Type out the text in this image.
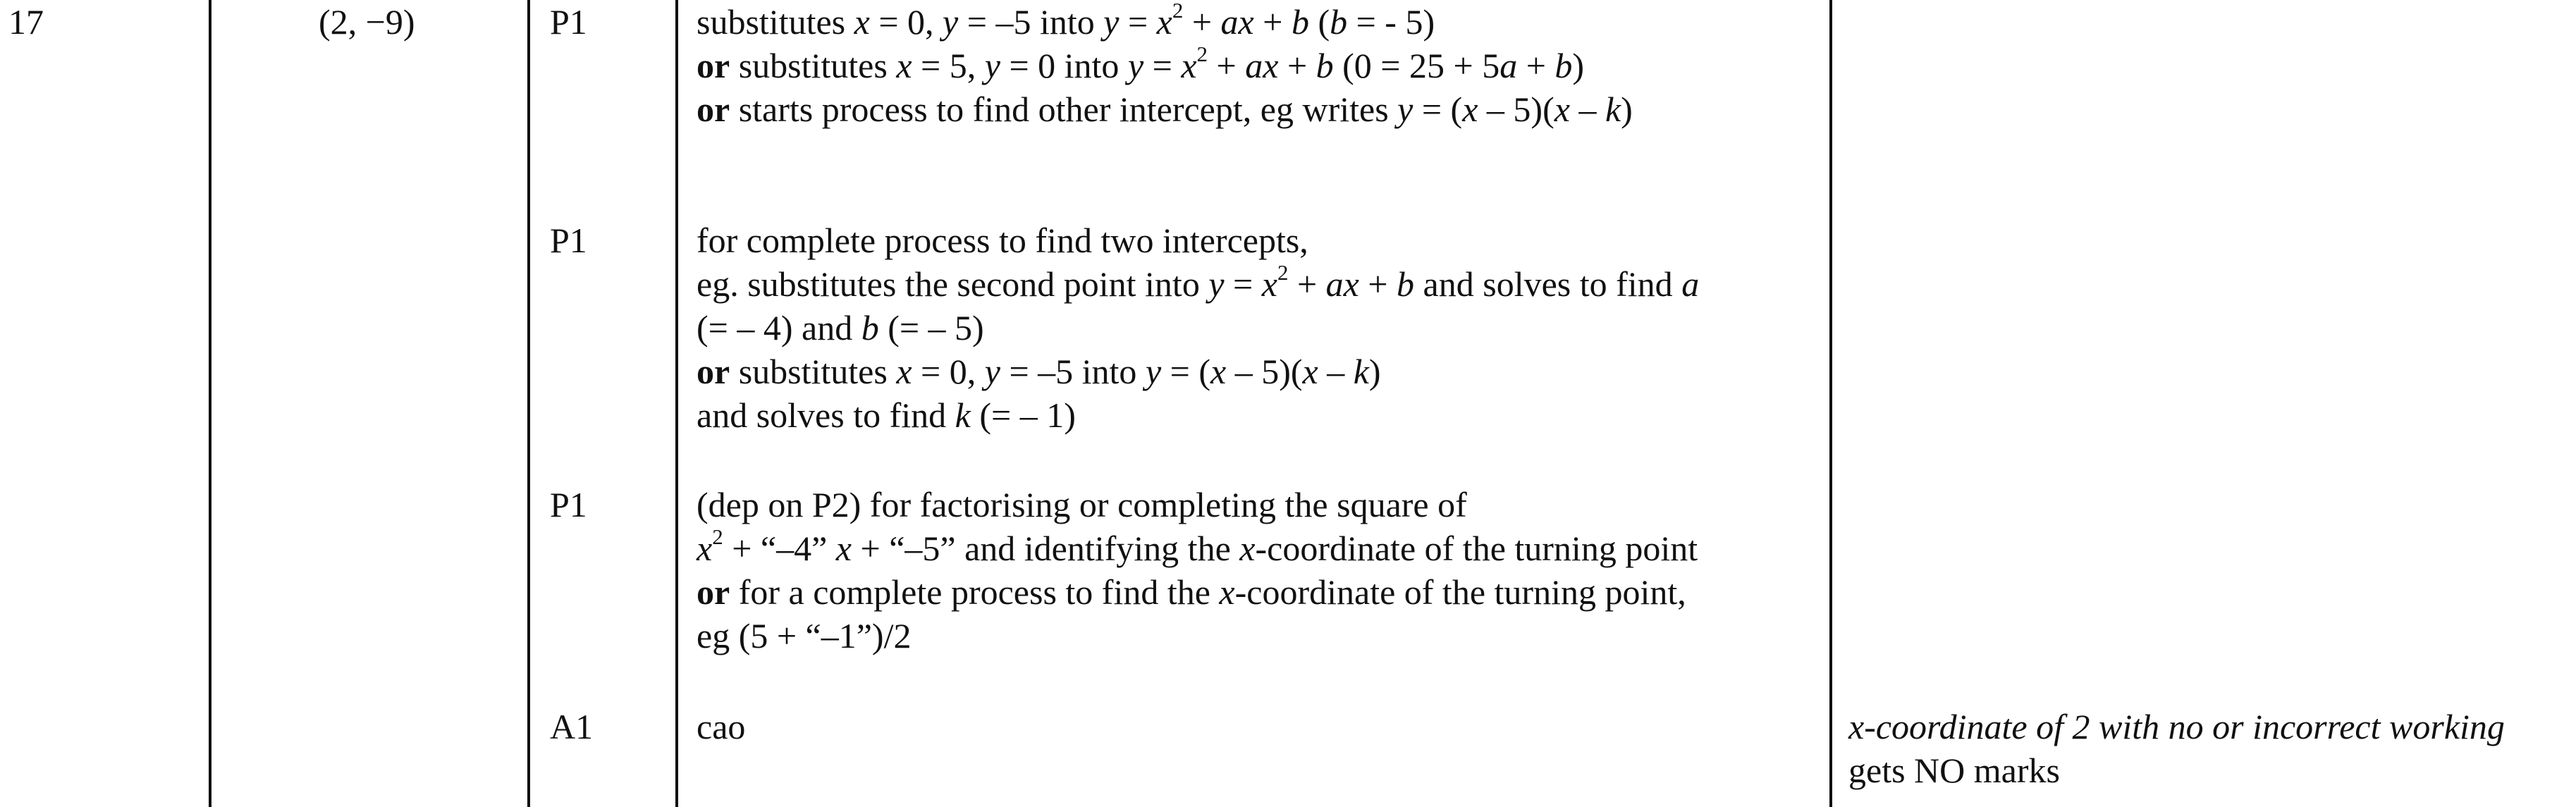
17	(2, −9)	P1	substitutes x = 0, y = –5 into $y = x^2$ + ax + b (b = - 5)
or substitutes x = 5, y = 0 into $y = x^2$ + ax + b (0 = 25 + 5a + b)
or starts process to find other intercept, eg writes y = (x – 5)(x – k)
P1	for complete process to find two intercepts,
eg. substitutes the second point into $y = x^2$ + ax + b and solves to find a
(= – 4) and b (= – 5)
or substitutes x = 0, y = –5 into y = (x – 5)(x – k)
and solves to find k (= – 1)
P1	(dep on P2) for factorising or completing the square of
$x^2$ + “–4” x + “–5” and identifying the x-coordinate of the turning point
or for a complete process to find the x-coordinate of the turning point,
eg (5 + “–1”)/2
A1	cao	x-coordinate of 2 with no or incorrect working
gets NO marks
